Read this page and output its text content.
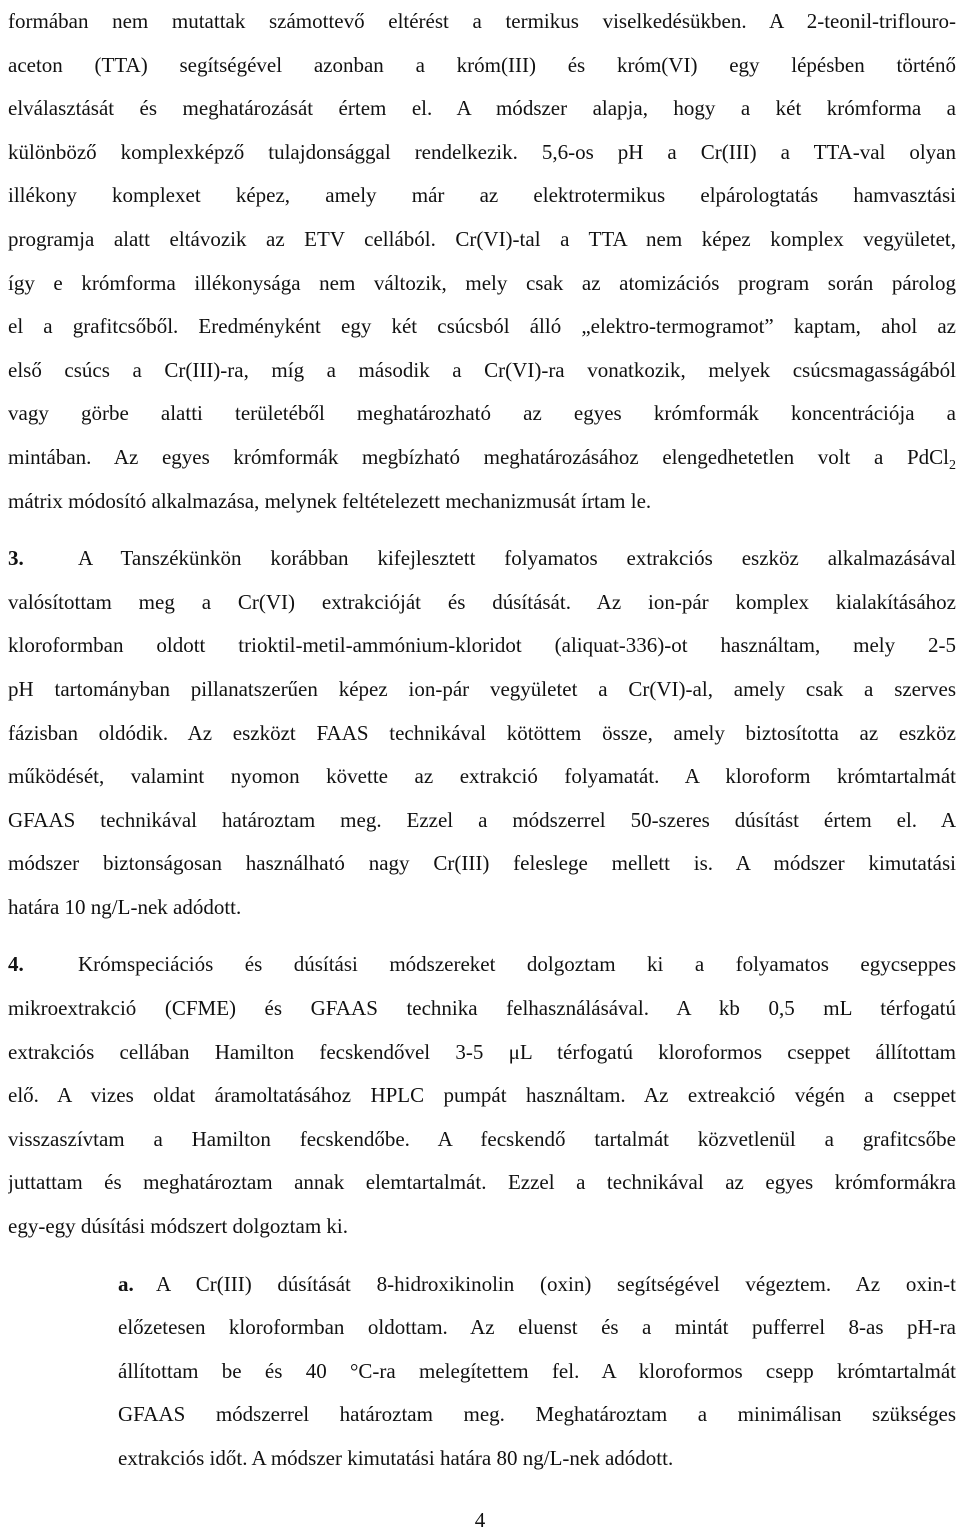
formában nem mutattak számottevő eltérést a termikus viselkedésükben. A 2-teonil-triflouro-
aceton (TTA) segítségével azonban a króm(III) és króm(VI) egy lépésben történő
elválasztását és meghatározását értem el. A módszer alapja, hogy a két krómforma a
különböző komplexképző tulajdonsággal rendelkezik. 5,6-os pH a Cr(III) a TTA-val olyan
illékony komplexet képez, amely már az elektrotermikus elpárologtatás hamvasztási
programja alatt eltávozik az ETV cellából. Cr(VI)-tal a TTA nem képez komplex vegyületet,
így e krómforma illékonysága nem változik, mely csak az atomizációs program során párolog
el a grafitcsőből. Eredményként egy két csúcsból álló „elektro-termogramot” kaptam, ahol az
első csúcs a Cr(III)-ra, míg a második a Cr(VI)-ra vonatkozik, melyek csúcsmagasságából
vagy görbe alatti területéből meghatározható az egyes krómformák koncentrációja a
mintában. Az egyes krómformák megbízható meghatározásához elengedhetetlen volt a PdCl$_2$
mátrix módosító alkalmazása, melynek feltételezett mechanizmusát írtam le.
3.	A Tanszékünkön korábban kifejlesztett folyamatos extrakciós eszköz alkalmazásával
valósítottam meg a Cr(VI) extrakcióját és dúsítását. Az ion-pár komplex kialakításához
kloroformban oldott trioktil-metil-ammónium-kloridot (aliquat-336)-ot használtam, mely 2-5
pH tartományban pillanatszerűen képez ion-pár vegyületet a Cr(VI)-al, amely csak a szerves
fázisban oldódik. Az eszközt FAAS technikával kötöttem össze, amely biztosította az eszköz
működését, valamint nyomon követte az extrakció folyamatát. A kloroform krómtartalmát
GFAAS technikával határoztam meg. Ezzel a módszerrel 50-szeres dúsítást értem el. A
módszer biztonságosan használható nagy Cr(III) feleslege mellett is. A módszer kimutatási
határa 10 ng/L-nek adódott.
4.	Krómspeciációs és dúsítási módszereket dolgoztam ki a folyamatos egycseppes
mikroextrakció (CFME) és GFAAS technika felhasználásával. A kb 0,5 mL térfogatú
extrakciós cellában Hamilton fecskendővel 3-5 μL térfogatú kloroformos cseppet állítottam
elő. A vizes oldat áramoltatásához HPLC pumpát használtam. Az extreakció végén a cseppet
visszaszívtam a Hamilton fecskendőbe. A fecskendő tartalmát közvetlenül a grafitcsőbe
juttattam és meghatároztam annak elemtartalmát. Ezzel a technikával az egyes krómformákra
egy-egy dúsítási módszert dolgoztam ki.
a. A Cr(III) dúsítását 8-hidroxikinolin (oxin) segítségével végeztem. Az oxin-t
előzetesen kloroformban oldottam. Az eluenst és a mintát pufferrel 8-as pH-ra
állítottam be és 40 °C-ra melegítettem fel. A kloroformos csepp krómtartalmát
GFAAS módszerrel határoztam meg. Meghatároztam a minimálisan szükséges
extrakciós időt. A módszer kimutatási határa 80 ng/L-nek adódott.
4
